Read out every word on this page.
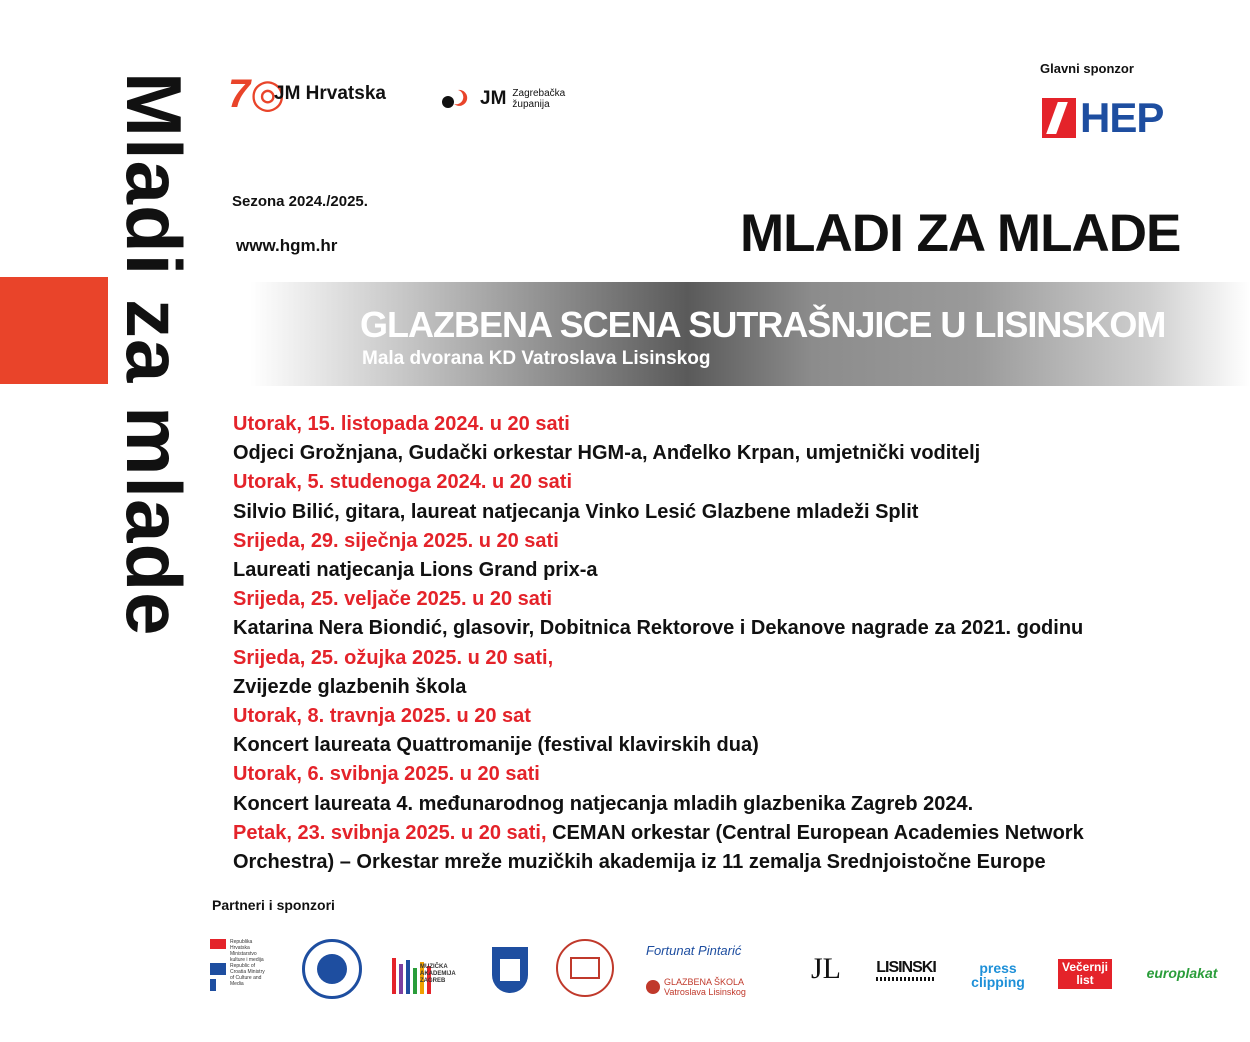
Mladi za mlade 7◎
JM Hrvatska	JM Zagrebačka županija
Glavni sponzor
HEP
Sezona 2024./2025.
www.hgm.hr	MLADI ZA MLADE
GLAZBENA SCENA SUTRAŠNJICE U LISINSKOM
Mala dvorana KD Vatroslava Lisinskog
Utorak, 15. listopada 2024. u 20 sati
Odjeci Grožnjana, Gudački orkestar HGM-a, Anđelko Krpan, umjetnički voditelj
Utorak, 5. studenoga 2024. u 20 sati
Silvio Bilić, gitara, laureat natjecanja Vinko Lesić Glazbene mladeži Split
Srijeda, 29. siječnja 2025. u 20 sati
Laureati natjecanja Lions Grand prix-a
Srijeda, 25. veljače 2025. u 20 sati
Katarina Nera Biondić, glasovir, Dobitnica Rektorove i Dekanove nagrade za 2021. godinu
Srijeda, 25. ožujka 2025. u 20 sati,
Zvijezde glazbenih škola
Utorak, 8. travnja 2025. u 20 sat
Koncert laureata Quattromanije (festival klavirskih dua)
Utorak, 6. svibnja 2025. u 20 sati
Koncert laureata 4. međunarodnog natjecanja mladih glazbenika Zagreb 2024.
Petak, 23. svibnja 2025. u 20 sati, CEMAN orkestar (Central European Academies Network
Orchestra) – Orkestar mreže muzičkih akademija iz 11 zemalja Srednjoistočne Europe
Partneri i sponzori
Republika Hrvatska Ministarstvo kulture i medija Republic of Croatia Ministry of Culture and Media
MUZIČKA AKADEMIJA ZAGREB
Fortunat Pintarić
GLAZBENA ŠKOLA Vatroslava Lisinskog
JL	LISINSKI	press
clipping
Večernji
list	europlakat
